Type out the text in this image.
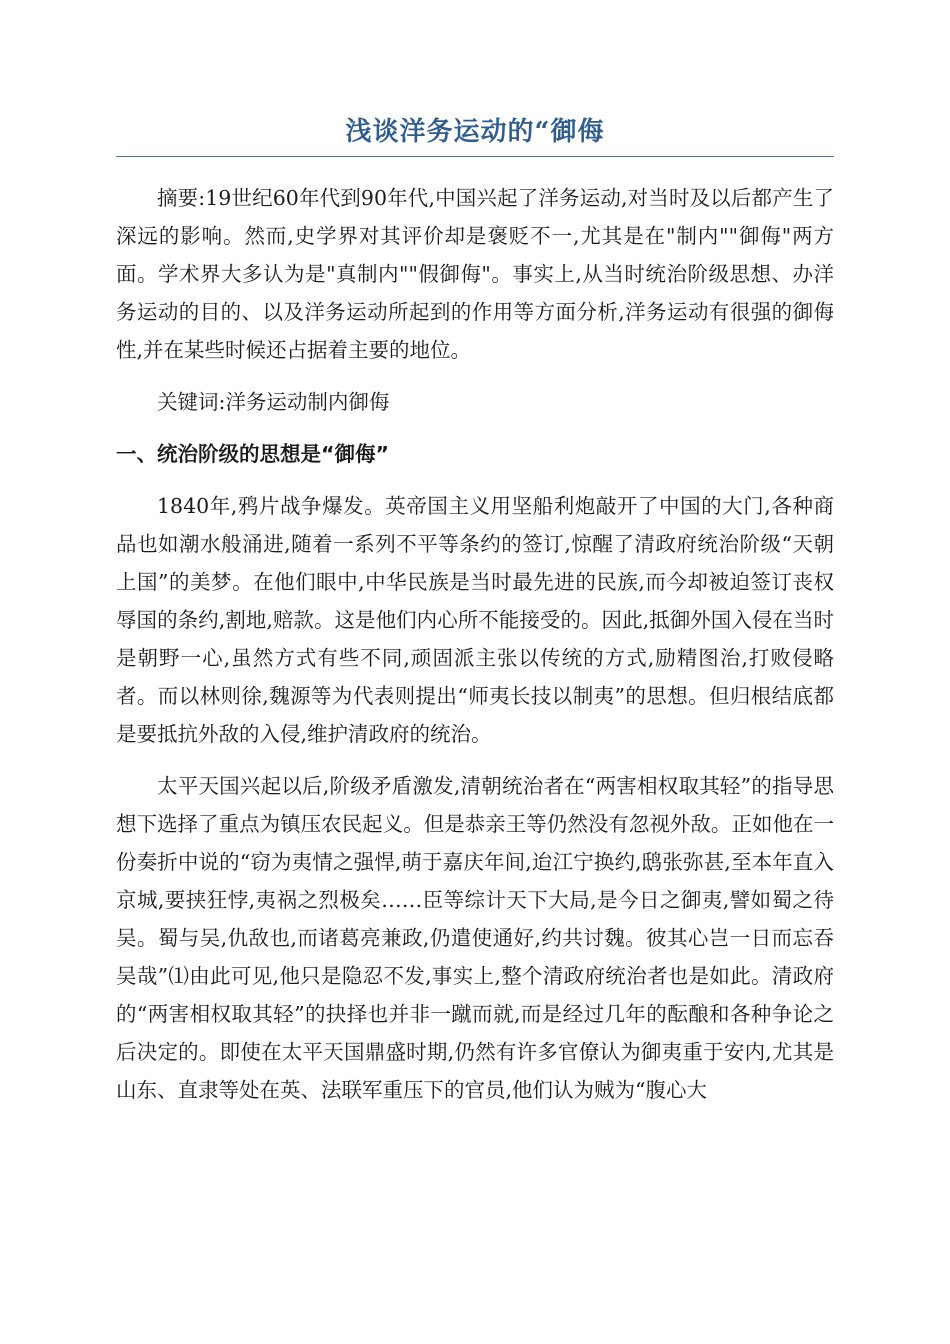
浅谈洋务运动的“御侮

摘要:19世纪60年代到90年代,中国兴起了洋务运动,对当时及以后都产生了深远的影响。然而,史学界对其评价却是褒贬不一,尤其是在"制内""御侮"两方面。学术界大多认为是"真制内""假御侮"。事实上,从当时统治阶级思想、办洋务运动的目的、以及洋务运动所起到的作用等方面分析,洋务运动有很强的御侮性,并在某些时候还占据着主要的地位。

关键词:洋务运动制内御侮

一、统治阶级的思想是“御侮”

1840年,鸦片战争爆发。英帝国主义用坚船利炮敲开了中国的大门,各种商品也如潮水般涌进,随着一系列不平等条约的签订,惊醒了清政府统治阶级“天朝上国”的美梦。在他们眼中,中华民族是当时最先进的民族,而今却被迫签订丧权辱国的条约,割地,赔款。这是他们内心所不能接受的。因此,抵御外国入侵在当时是朝野一心,虽然方式有些不同,顽固派主张以传统的方式,励精图治,打败侵略者。而以林则徐,魏源等为代表则提出“师夷长技以制夷”的思想。但归根结底都是要抵抗外敌的入侵,维护清政府的统治。

太平天国兴起以后,阶级矛盾激发,清朝统治者在“两害相权取其轻”的指导思想下选择了重点为镇压农民起义。但是恭亲王等仍然没有忽视外敌。正如他在一份奏折中说的“窃为夷情之强悍,萌于嘉庆年间,迨江宁换约,鸱张弥甚,至本年直入京城,要挟狂悖,夷祸之烈极矣……臣等综计天下大局,是今日之御夷,譬如蜀之待吴。蜀与吴,仇敌也,而诸葛亮兼政,仍遣使通好,约共讨魏。彼其心岂一日而忘吞吴哉”⑴由此可见,他只是隐忍不发,事实上,整个清政府统治者也是如此。清政府的“两害相权取其轻”的抉择也并非一蹴而就,而是经过几年的酝酿和各种争论之后决定的。即使在太平天国鼎盛时期,仍然有许多官僚认为御夷重于安内,尤其是山东、直隶等处在英、法联军重压下的官员,他们认为贼为“腹心大
